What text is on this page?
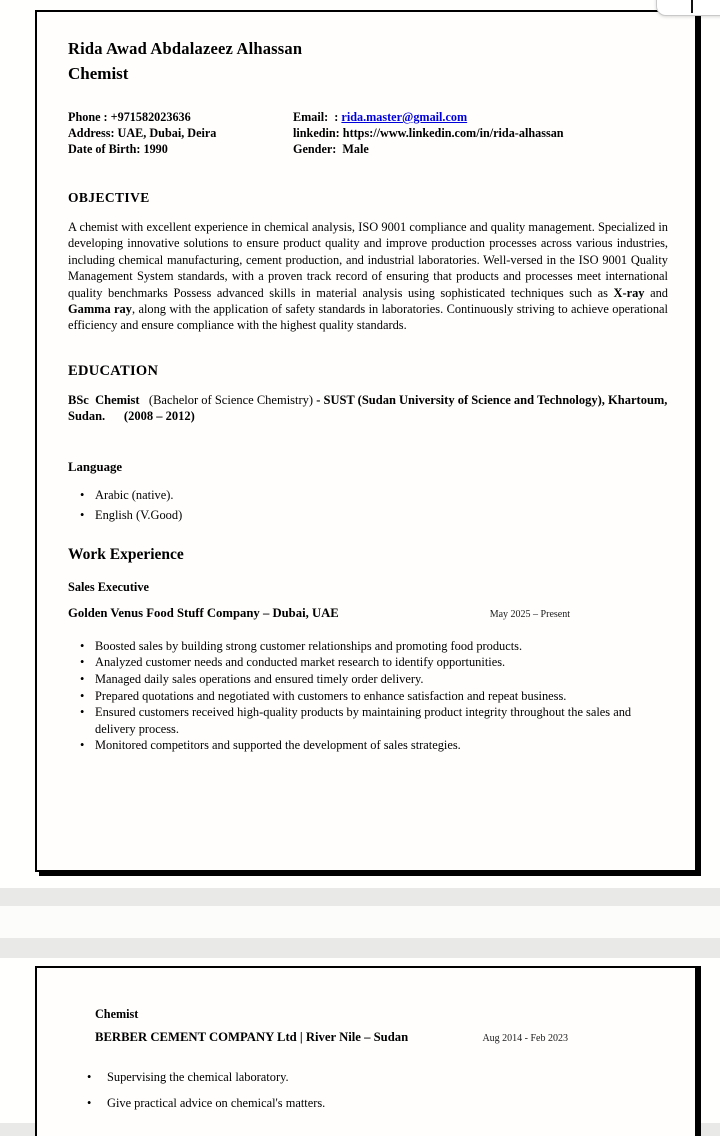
Rida Awad Abdalazeez Alhassan
Chemist
Phone : +971582023636	Email:  : rida.master@gmail.com
Address: UAE, Dubai, Deira	linkedin: https://www.linkedin.com/in/rida-alhassan
Date of Birth: 1990	Gender:  Male
OBJECTIVE

A chemist with excellent experience in chemical analysis, ISO 9001 compliance and quality management. Specialized in developing innovative solutions to ensure product quality and improve production processes across various industries, including chemical manufacturing, cement production, and industrial laboratories. Well-versed in the ISO 9001 Quality Management System standards, with a proven track record of ensuring that products and processes meet international quality benchmarks Possess advanced skills in material analysis using sophisticated techniques such as X-ray and Gamma ray, along with the application of safety standards in laboratories. Continuously striving to achieve operational efficiency and ensure compliance with the highest quality standards.

EDUCATION

BSc  Chemist   (Bachelor of Science Chemistry) - SUST (Sudan University of Science and Technology), Khartoum, Sudan.      (2008 – 2012)

Language
• Arabic (native).
• English (V.Good)
Work Experience
Sales Executive
Golden Venus Food Stuff Company – Dubai, UAE	May 2025 – Present
• Boosted sales by building strong customer relationships and promoting food products.
• Analyzed customer needs and conducted market research to identify opportunities.
• Managed daily sales operations and ensured timely order delivery.
• Prepared quotations and negotiated with customers to enhance satisfaction and repeat business.
• Ensured customers received high-quality products by maintaining product integrity throughout the sales and delivery process.
• Monitored competitors and supported the development of sales strategies.
Chemist
BERBER CEMENT COMPANY Ltd | River Nile – Sudan	Aug 2014 - Feb 2023
•	Supervising the chemical laboratory.
•	Give practical advice on chemical's matters.
